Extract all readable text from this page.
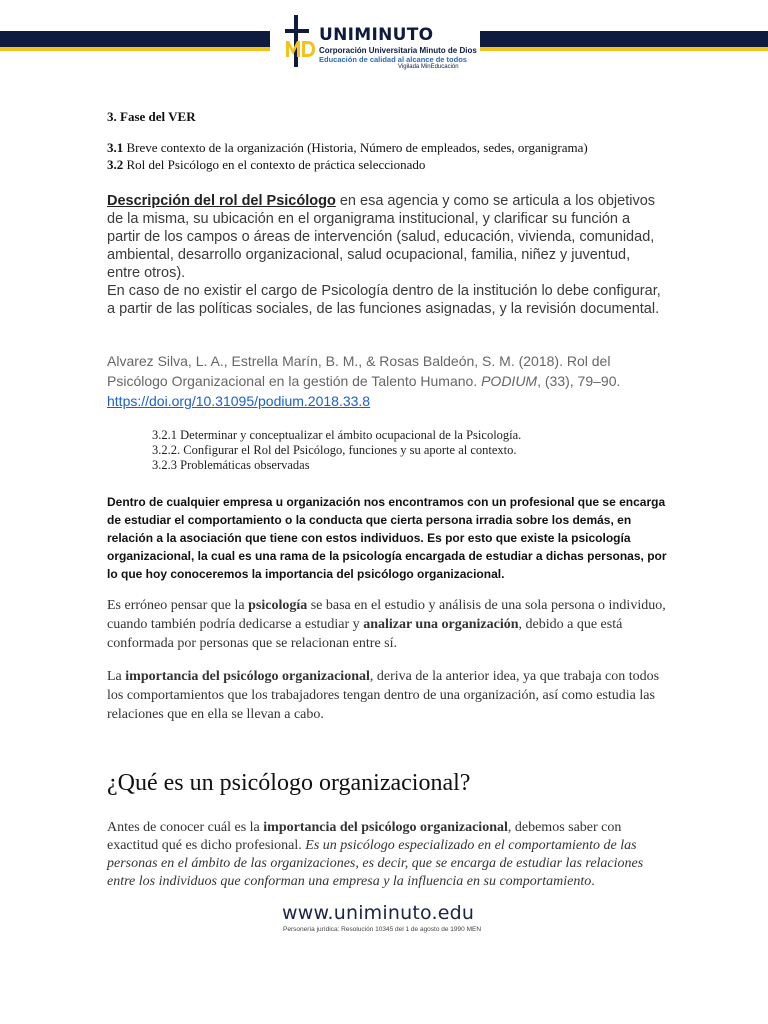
UNIMINUTO
Corporación Universitaria Minuto de Dios
Educación de calidad al alcance de todos
Vigilada MinEducación
3. Fase del VER
3.1 Breve contexto de la organización (Historia, Número de empleados, sedes, organigrama)
3.2 Rol del Psicólogo en el contexto de práctica seleccionado
Descripción del rol del Psicólogo en esa agencia y como se articula a los objetivos de la misma, su ubicación en el organigrama institucional, y clarificar su función a partir de los campos o áreas de intervención (salud, educación, vivienda, comunidad, ambiental, desarrollo organizacional, salud ocupacional, familia, niñez y juventud, entre otros).
En caso de no existir el cargo de Psicología dentro de la institución lo debe configurar, a partir de las políticas sociales, de las funciones asignadas, y la revisión documental.
Alvarez Silva, L. A., Estrella Marín, B. M., & Rosas Baldeón, S. M. (2018). Rol del Psicólogo Organizacional en la gestión de Talento Humano. PODIUM, (33), 79–90.
https://doi.org/10.31095/podium.2018.33.8
3.2.1 Determinar y conceptualizar el ámbito ocupacional de la Psicología.
3.2.2. Configurar el Rol del Psicólogo, funciones y su aporte al contexto.
3.2.3 Problemáticas observadas
Dentro de cualquier empresa u organización nos encontramos con un profesional que se encarga de estudiar el comportamiento o la conducta que cierta persona irradia sobre los demás, en relación a la asociación que tiene con estos individuos. Es por esto que existe la psicología organizacional, la cual es una rama de la psicología encargada de estudiar a dichas personas, por lo que hoy conoceremos la importancia del psicólogo organizacional.
Es erróneo pensar que la psicología se basa en el estudio y análisis de una sola persona o individuo, cuando también podría dedicarse a estudiar y analizar una organización, debido a que está conformada por personas que se relacionan entre sí.
La importancia del psicólogo organizacional, deriva de la anterior idea, ya que trabaja con todos los comportamientos que los trabajadores tengan dentro de una organización, así como estudia las relaciones que en ella se llevan a cabo.
¿Qué es un psicólogo organizacional?
Antes de conocer cuál es la importancia del psicólogo organizacional, debemos saber con exactitud qué es dicho profesional. Es un psicólogo especializado en el comportamiento de las personas en el ámbito de las organizaciones, es decir, que se encarga de estudiar las relaciones entre los individuos que conforman una empresa y la influencia en su comportamiento.
www.uniminuto.edu
Personería jurídica: Resolución 10345 del 1 de agosto de 1990 MEN
